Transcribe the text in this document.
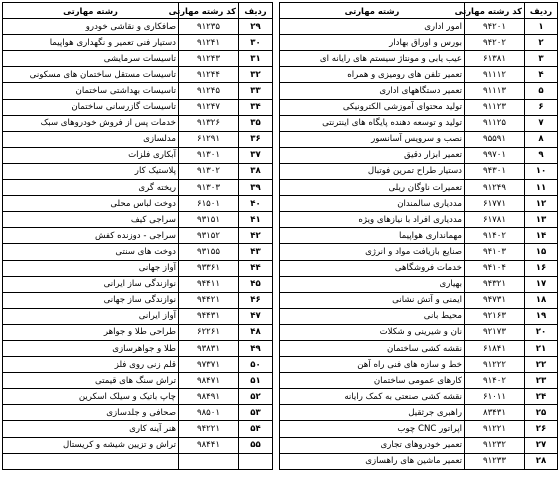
ردیف	کد رشته مهارتی	رشته مهارتی
۱	۹۴۲۰۱	امور اداری
۲	۹۴۲۰۲	بورس و اوراق بهادار
۳	۶۱۳۸۱	عیب یابی و مونتاژ سیستم های رایانه ای
۴	۹۱۱۱۲	تعمیر تلفن های رومیزی و همراه
۵	۹۱۱۱۳	تعمیر دستگاههای اداری
۶	۹۱۱۲۳	تولید محتوای آموزشی الکترونیکی
۷	۹۱۱۲۵	تولید و توسعه دهنده پایگاه های اینترنتی
۸	۹۵۵۹۱	نصب و سرویس آسانسور
۹	۹۹۷۰۱	تعمیر ابزار دقیق
۱۰	۹۴۳۰۱	دستیار طراح تمرین فوتبال
۱۱	۹۱۲۴۹	تعمیرات ناوگان ریلی
۱۲	۶۱۷۷۱	مددیاری سالمندان
۱۳	۶۱۷۸۱	مددیاری افراد با نیازهای ویژه
۱۴	۹۱۴۰۲	مهمانداری هواپیما
۱۵	۹۴۱۰۳	صنایع بازیافت مواد و انرژی
۱۶	۹۴۱۰۴	خدمات فروشگاهی
۱۷	۹۴۳۲۱	بهیاری
۱۸	۹۴۷۳۱	ایمنی و آتش نشانی
۱۹	۹۲۱۶۳	محیط بانی
۲۰	۹۲۱۷۳	نان و شیرینی و شکلات
۲۱	۶۱۸۴۱	نقشه کشی ساختمان
۲۲	۹۱۲۲۲	خط و سازه های فنی راه آهن
۲۳	۹۱۴۰۲	کارهای عمومی ساختمان
۲۴	۶۱۰۱۱	نقشه کشی صنعتی به کمک رایانه
۲۵	۸۳۴۳۱	راهبری جرثقیل
۲۶	۹۱۲۲۱	اپراتور CNC چوب
۲۷	۹۱۲۳۲	تعمیر خودروهای تجاری
۲۸	۹۱۲۳۳	تعمیر ماشین های راهسازی
ردیف	کد رشته مهارتی	رشته مهارتی
۲۹	۹۱۲۳۵	صافکاری و نقاشی خودرو
۳۰	۹۱۲۴۱	دستیار فنی تعمیر و نگهداری هواپیما
۳۱	۹۱۲۴۳	تاسیسات سرمایشی
۳۲	۹۱۲۴۴	تاسیسات مستقل ساختمان های مسکونی
۳۳	۹۱۲۴۵	تاسیسات بهداشتی ساختمان
۳۴	۹۱۲۴۷	تاسیسات گازرسانی ساختمان
۳۵	۹۱۳۲۶	خدمات پس از فروش خودروهای سبک
۳۶	۶۱۲۹۱	مدلسازی
۳۷	۹۱۳۰۱	آبکاری فلزات
۳۸	۹۱۳۰۲	پلاستیک کار
۳۹	۹۱۳۰۳	ریخته گری
۴۰	۶۱۵۰۱	دوخت لباس محلی
۴۱	۹۳۱۵۱	سراجی کیف
۴۲	۹۳۱۵۲	سراجی - دوزنده کفش
۴۳	۹۳۱۵۵	دوخت های سنتی
۴۴	۹۳۳۶۱	آواز جهانی
۴۵	۹۴۴۱۱	نوازندگی ساز ایرانی
۴۶	۹۴۴۲۱	نوازندگی ساز جهانی
۴۷	۹۴۴۳۱	آواز ایرانی
۴۸	۶۲۲۶۱	طراحی طلا و جواهر
۴۹	۹۳۸۳۱	طلا و جواهرسازی
۵۰	۹۷۳۷۱	قلم زنی روی فلز
۵۱	۹۸۴۷۱	تراش سنگ های قیمتی
۵۲	۹۸۴۹۱	چاپ باتیک و سیلک اسکرین
۵۳	۹۸۵۰۱	صحافی و جلدسازی
۵۴	۹۴۲۲۱	هنر آینه کاری
۵۵	۹۸۴۴۱	تراش و تزیین شیشه و کریستال
